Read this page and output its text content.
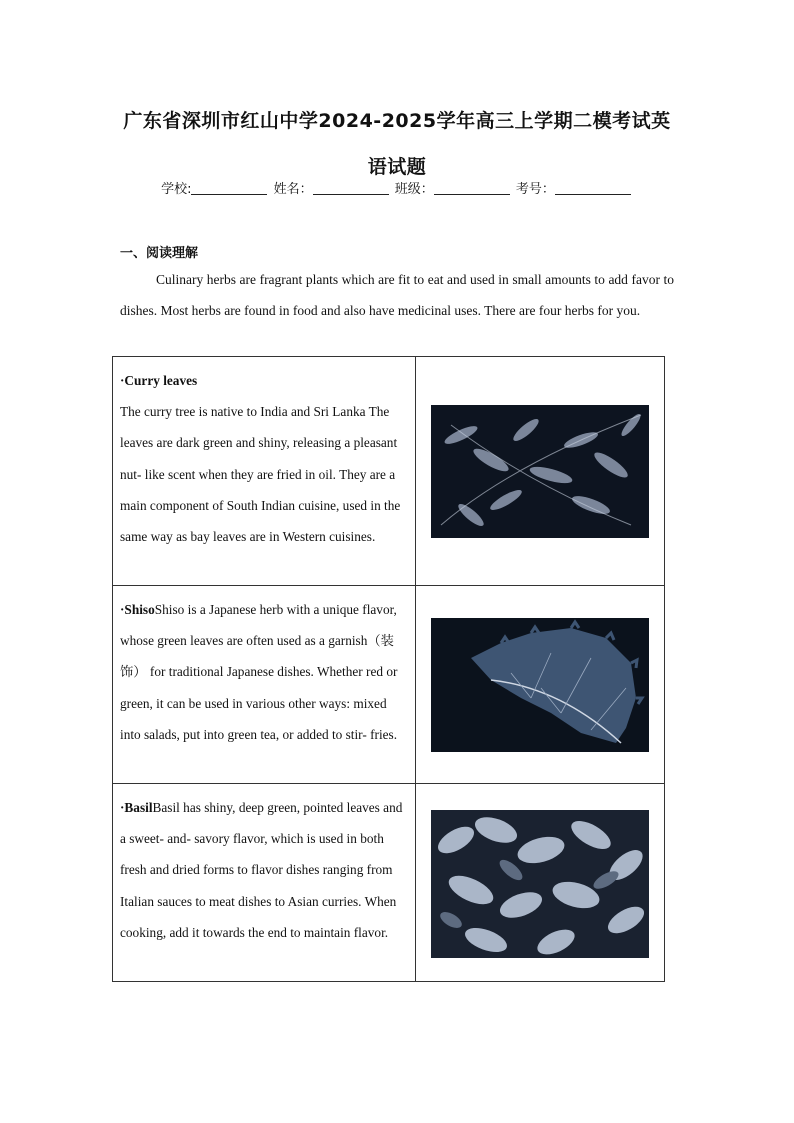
广东省深圳市红山中学2024-2025学年高三上学期二模考试英
语试题
学校:	姓名：	班级：	考号：
一、阅读理解
Culinary herbs are fragrant plants which are fit to eat and used in small amounts to add favor to dishes. Most herbs are found in food and also have medicinal uses. There are four herbs for you.
·Curry leaves
The curry tree is native to India and Sri Lanka The leaves are dark green and shiny, releasing a pleasant nut- like scent when they are fried in oil. They are a main component of South Indian cuisine, used in the same way as bay leaves are in Western cuisines.	

·ShisoShiso is a Japanese herb with a unique flavor, whose green leaves are often used as a garnish（装饰） for traditional Japanese dishes. Whether red or green, it can be used in various other ways: mixed into salads, put into green tea, or added to stir- fries.	

·BasilBasil has shiny, deep green, pointed leaves and a sweet- and- savory flavor, which is used in both fresh and dried forms to flavor dishes ranging from Italian sauces to meat dishes to Asian curries. When cooking, add it towards the end to maintain flavor.	
